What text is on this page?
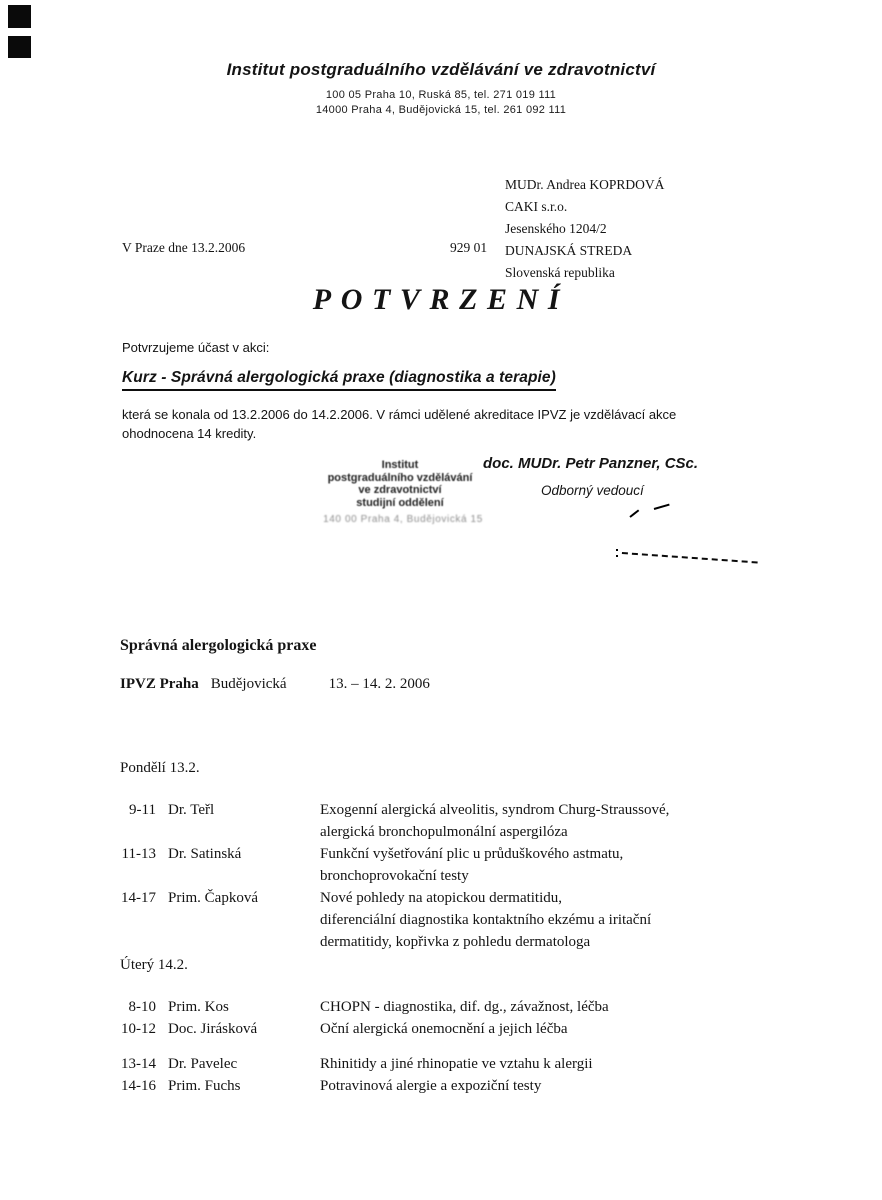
Institut postgraduálního vzdělávání ve zdravotnictví
100 05 Praha 10, Ruská 85, tel. 271 019 111
14000 Praha 4, Budějovická 15, tel. 261 092 111
MUDr. Andrea KOPRDOVÁ
CAKI s.r.o.
Jesenského 1204/2
DUNAJSKÁ STREDA
Slovenská republika
929 01
V Praze dne 13.2.2006
POTVRZENÍ
Potvrzujeme účast v akci:
Kurz - Správná alergologická praxe (diagnostika a terapie)
která se konala od 13.2.2006 do 14.2.2006. V rámci udělené akreditace IPVZ je vzdělávací akce
ohodnocena 14 kredity.
Institut
postgraduálního vzdělávání
ve zdravotnictví
studijní oddělení
140 00 Praha 4, Budějovická 15
doc. MUDr. Petr Panzner, CSc.
Odborný vedoucí
Správná alergologická praxe
IPVZ Praha Budějovická	13. – 14. 2. 2006
Pondělí 13.2.
9-11 Dr. Teřl	Exogenní alergická alveolitis, syndrom Churg-Straussové,
alergická bronchopulmonální aspergilóza
11-13 Dr. Satinská	Funkční vyšetřování plic u průduškového astmatu,
bronchoprovokační testy
14-17 Prim. Čapková	Nové pohledy na atopickou dermatitidu,
diferenciální diagnostika kontaktního ekzému a iritační
dermatitidy, kopřivka z pohledu dermatologa
Úterý 14.2.
8-10 Prim. Kos	CHOPN - diagnostika, dif. dg., závažnost, léčba
10-12 Doc. Jirásková	Oční alergická onemocnění a jejich léčba
13-14 Dr. Pavelec	Rhinitidy a jiné rhinopatie ve vztahu k alergii
14-16 Prim. Fuchs	Potravinová alergie a expoziční testy
